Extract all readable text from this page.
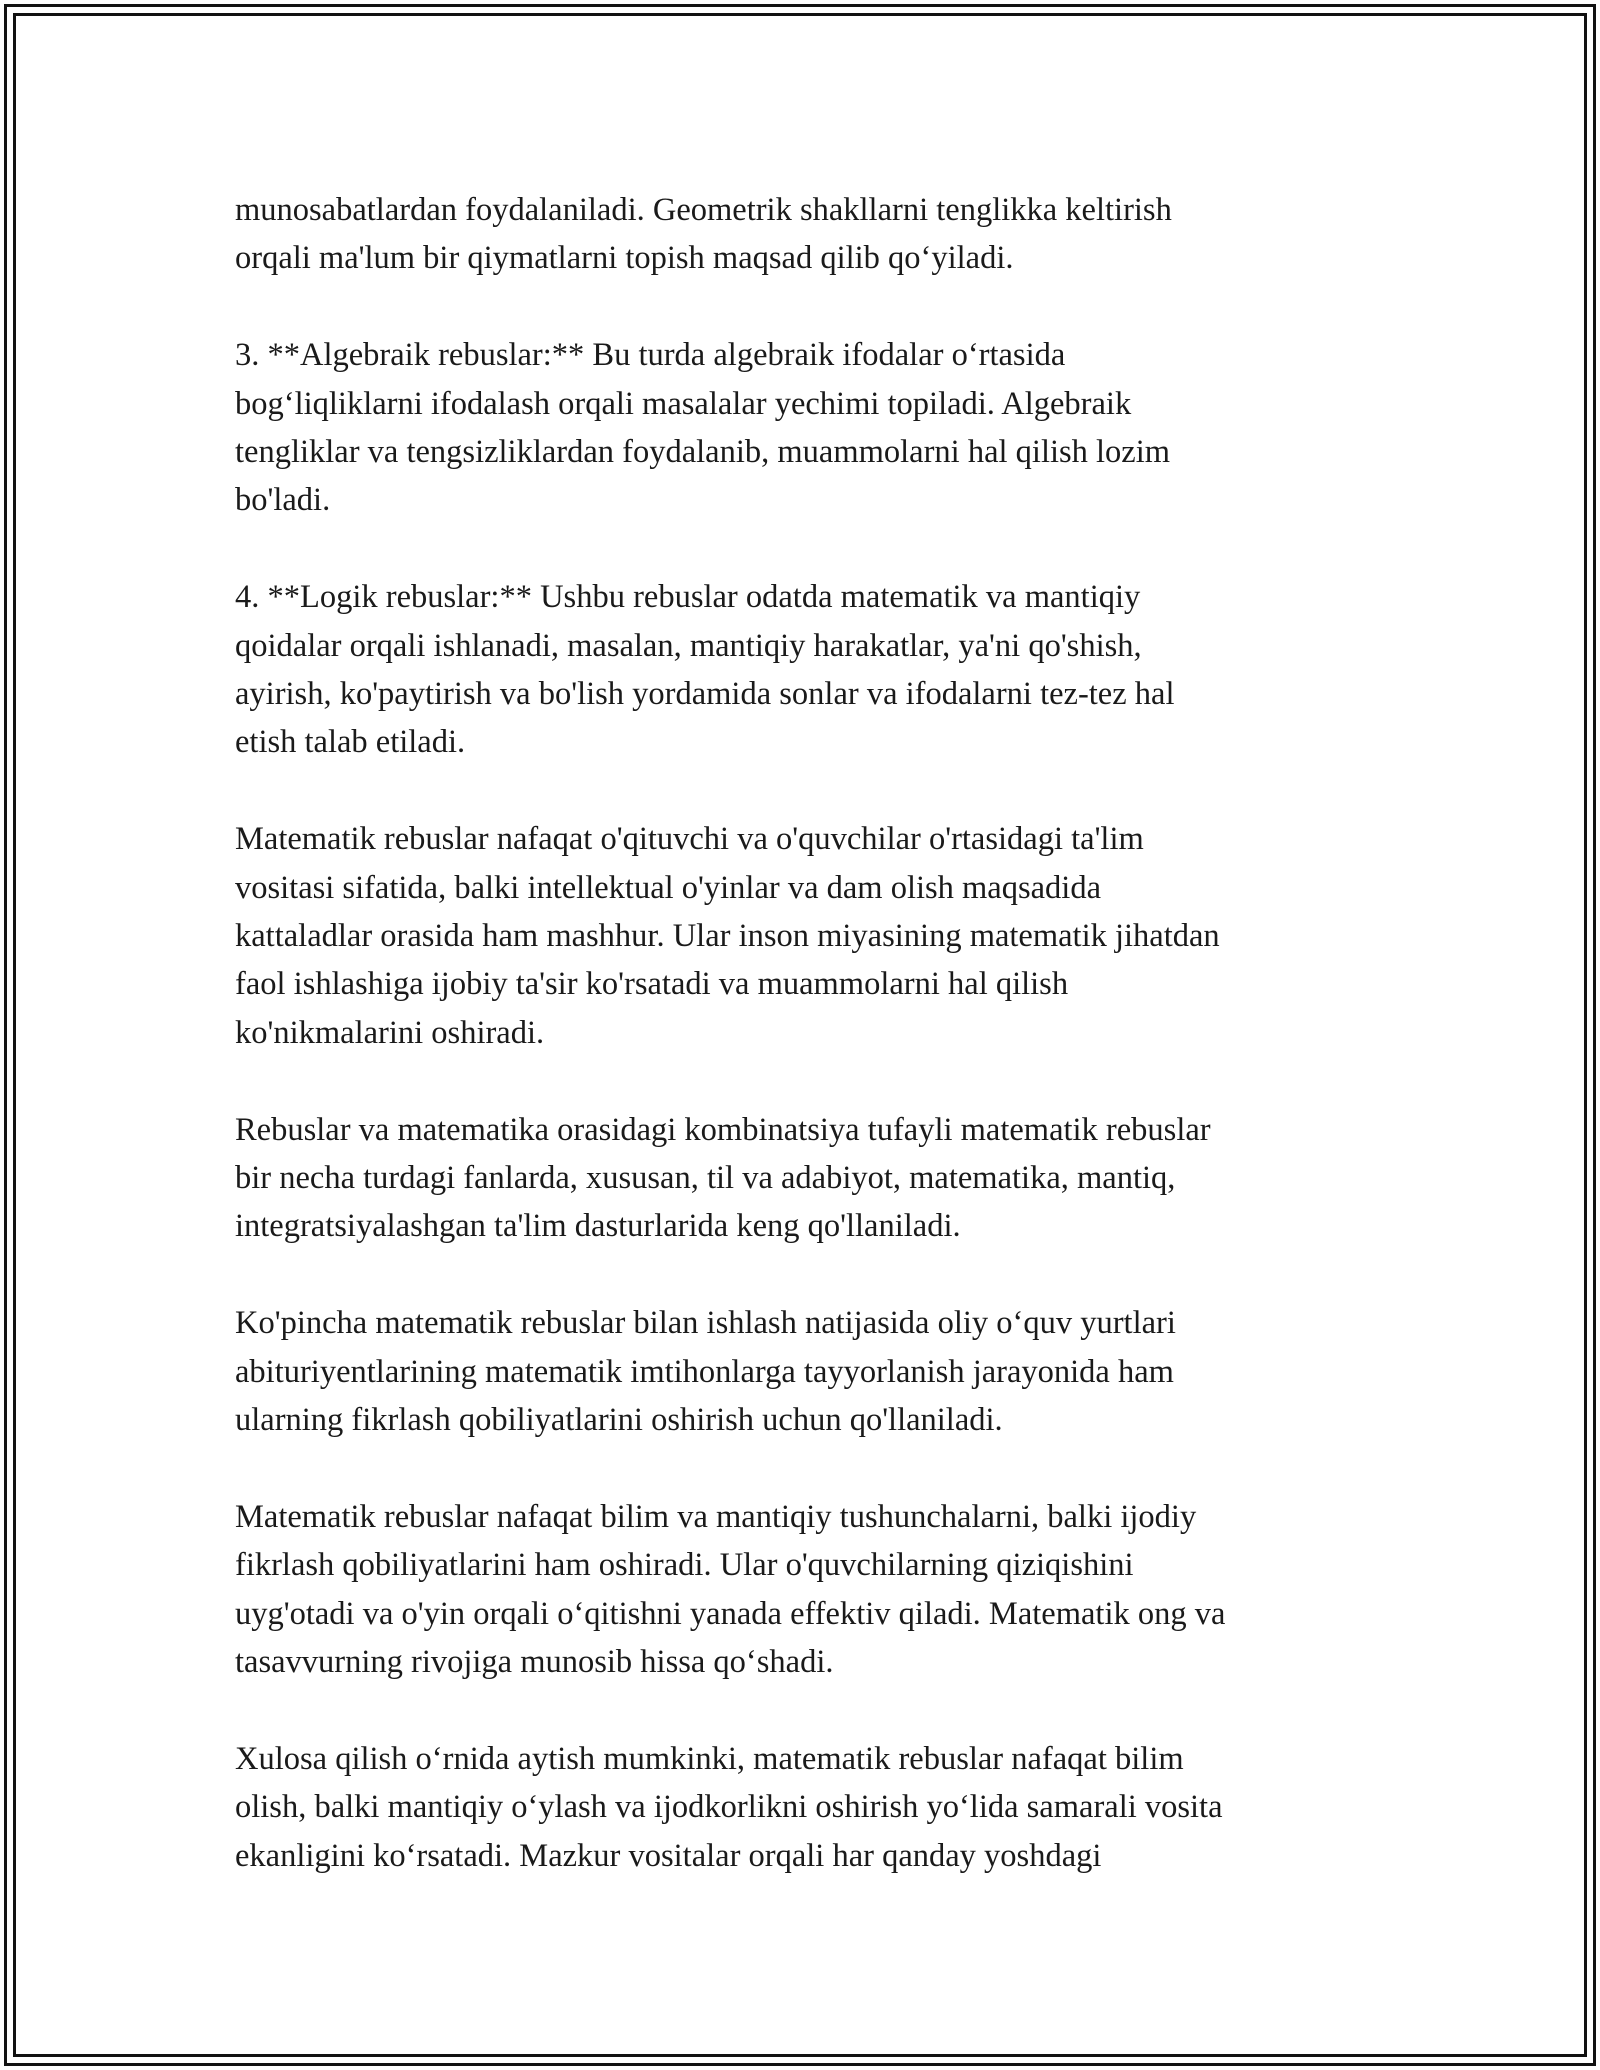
munosabatlardan foydalaniladi. Geometrik shakllarni tenglikka keltirish
orqali ma'lum bir qiymatlarni topish maqsad qilib qo‘yiladi.

3. **Algebraik rebuslar:** Bu turda algebraik ifodalar o‘rtasida
bog‘liqliklarni ifodalash orqali masalalar yechimi topiladi. Algebraik
tengliklar va tengsizliklardan foydalanib, muammolarni hal qilish lozim
bo'ladi.

4. **Logik rebuslar:** Ushbu rebuslar odatda matematik va mantiqiy
qoidalar orqali ishlanadi, masalan, mantiqiy harakatlar, ya'ni qo'shish,
ayirish, ko'paytirish va bo'lish yordamida sonlar va ifodalarni tez-tez hal
etish talab etiladi.

Matematik rebuslar nafaqat o'qituvchi va o'quvchilar o'rtasidagi ta'lim
vositasi sifatida, balki intellektual o'yinlar va dam olish maqsadida
kattaladlar orasida ham mashhur. Ular inson miyasining matematik jihatdan
faol ishlashiga ijobiy ta'sir ko'rsatadi va muammolarni hal qilish
ko'nikmalarini oshiradi.

Rebuslar va matematika orasidagi kombinatsiya tufayli matematik rebuslar
bir necha turdagi fanlarda, xususan, til va adabiyot, matematika, mantiq,
integratsiyalashgan ta'lim dasturlarida keng qo'llaniladi.

Ko'pincha matematik rebuslar bilan ishlash natijasida oliy o‘quv yurtlari
abituriyentlarining matematik imtihonlarga tayyorlanish jarayonida ham
ularning fikrlash qobiliyatlarini oshirish uchun qo'llaniladi.

Matematik rebuslar nafaqat bilim va mantiqiy tushunchalarni, balki ijodiy
fikrlash qobiliyatlarini ham oshiradi. Ular o'quvchilarning qiziqishini
uyg'otadi va o'yin orqali o‘qitishni yanada effektiv qiladi. Matematik ong va
tasavvurning rivojiga munosib hissa qo‘shadi.

Xulosa qilish o‘rnida aytish mumkinki, matematik rebuslar nafaqat bilim
olish, balki mantiqiy o‘ylash va ijodkorlikni oshirish yo‘lida samarali vosita
ekanligini ko‘rsatadi. Mazkur vositalar orqali har qanday yoshdagi
